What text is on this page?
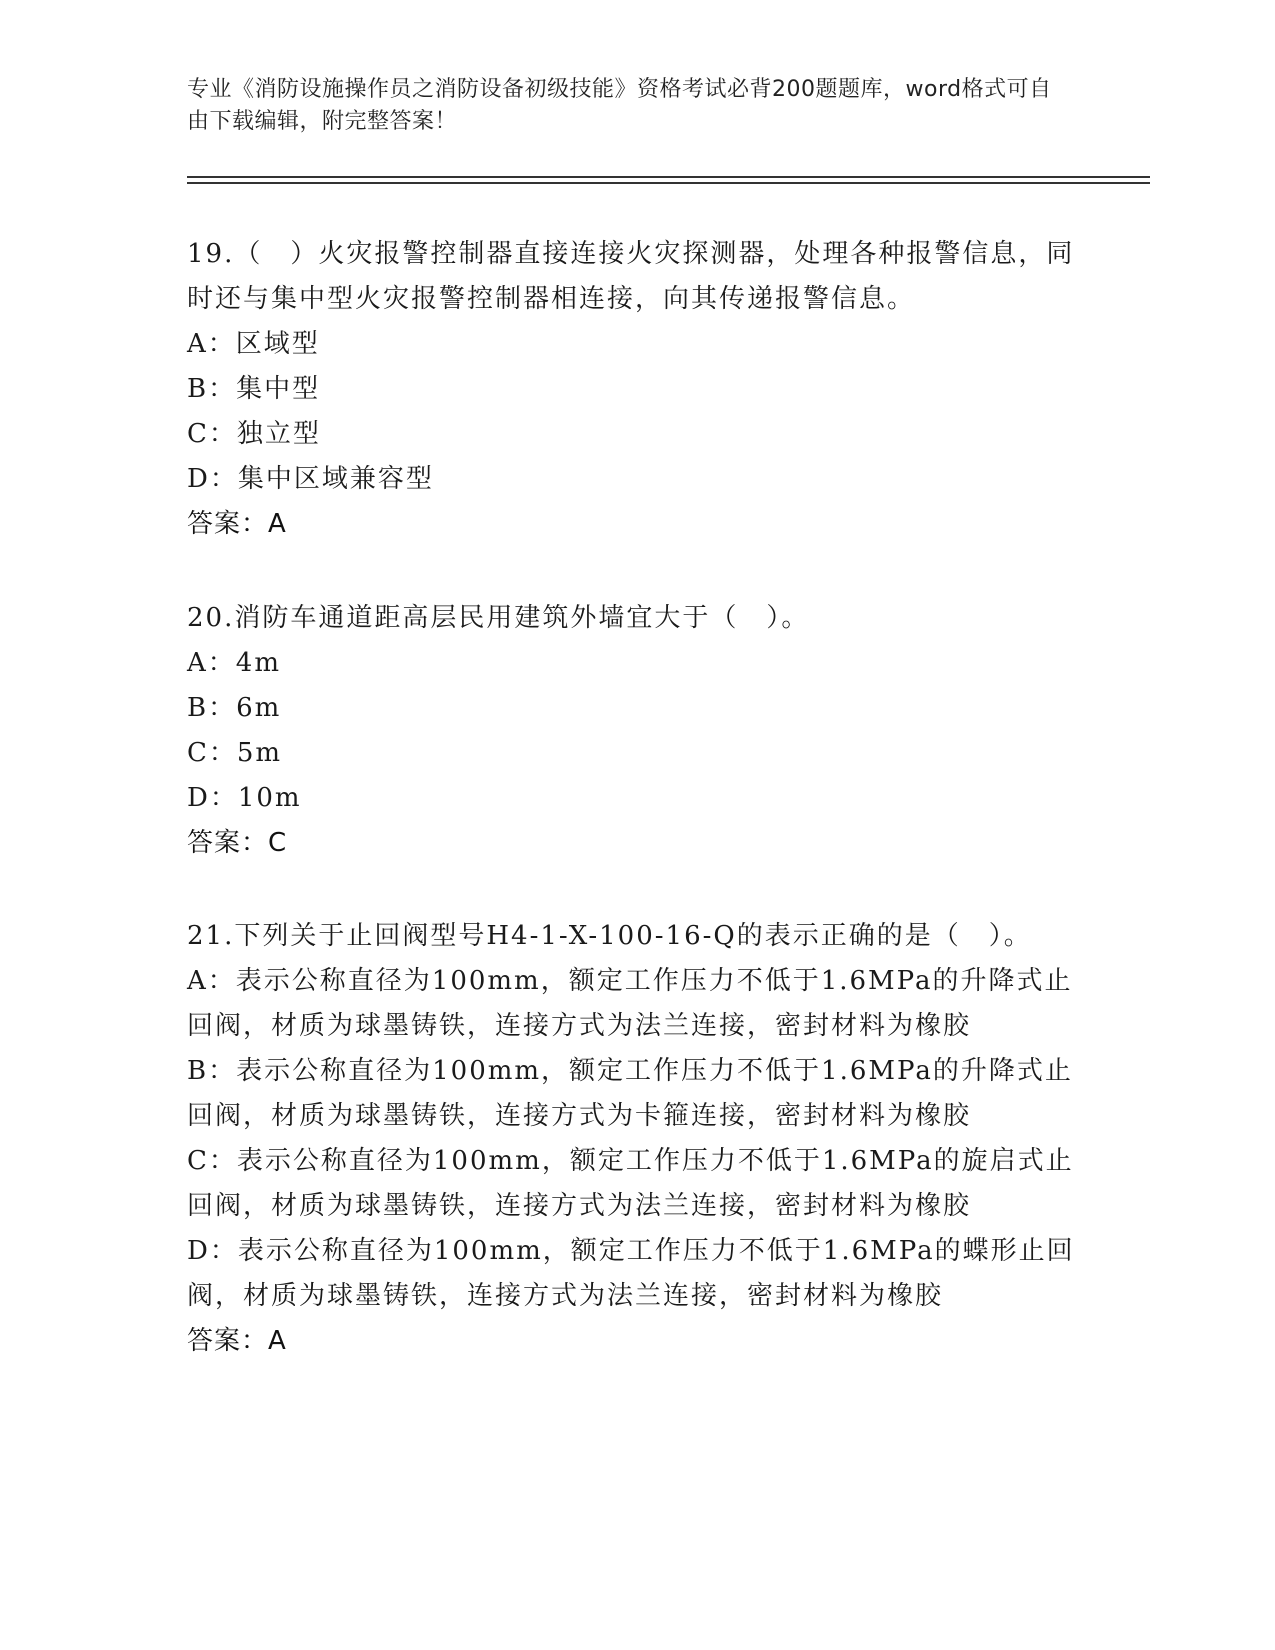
专业《消防设施操作员之消防设备初级技能》资格考试必背200题题库，word格式可自由下载编辑，附完整答案！
19.（　）火灾报警控制器直接连接火灾探测器，处理各种报警信息，同时还与集中型火灾报警控制器相连接，向其传递报警信息。
A：区域型
B：集中型
C：独立型
D：集中区域兼容型
答案：A
20.消防车通道距高层民用建筑外墙宜大于（　）。
A：4m
B：6m
C：5m
D：10m
答案：C
21.下列关于止回阀型号H4-1-X-100-16-Q的表示正确的是（　）。
A：表示公称直径为100mm，额定工作压力不低于1.6MPa的升降式止回阀，材质为球墨铸铁，连接方式为法兰连接，密封材料为橡胶
B：表示公称直径为100mm，额定工作压力不低于1.6MPa的升降式止回阀，材质为球墨铸铁，连接方式为卡箍连接，密封材料为橡胶
C：表示公称直径为100mm，额定工作压力不低于1.6MPa的旋启式止回阀，材质为球墨铸铁，连接方式为法兰连接，密封材料为橡胶
D：表示公称直径为100mm，额定工作压力不低于1.6MPa的蝶形止回阀，材质为球墨铸铁，连接方式为法兰连接，密封材料为橡胶
答案：A
